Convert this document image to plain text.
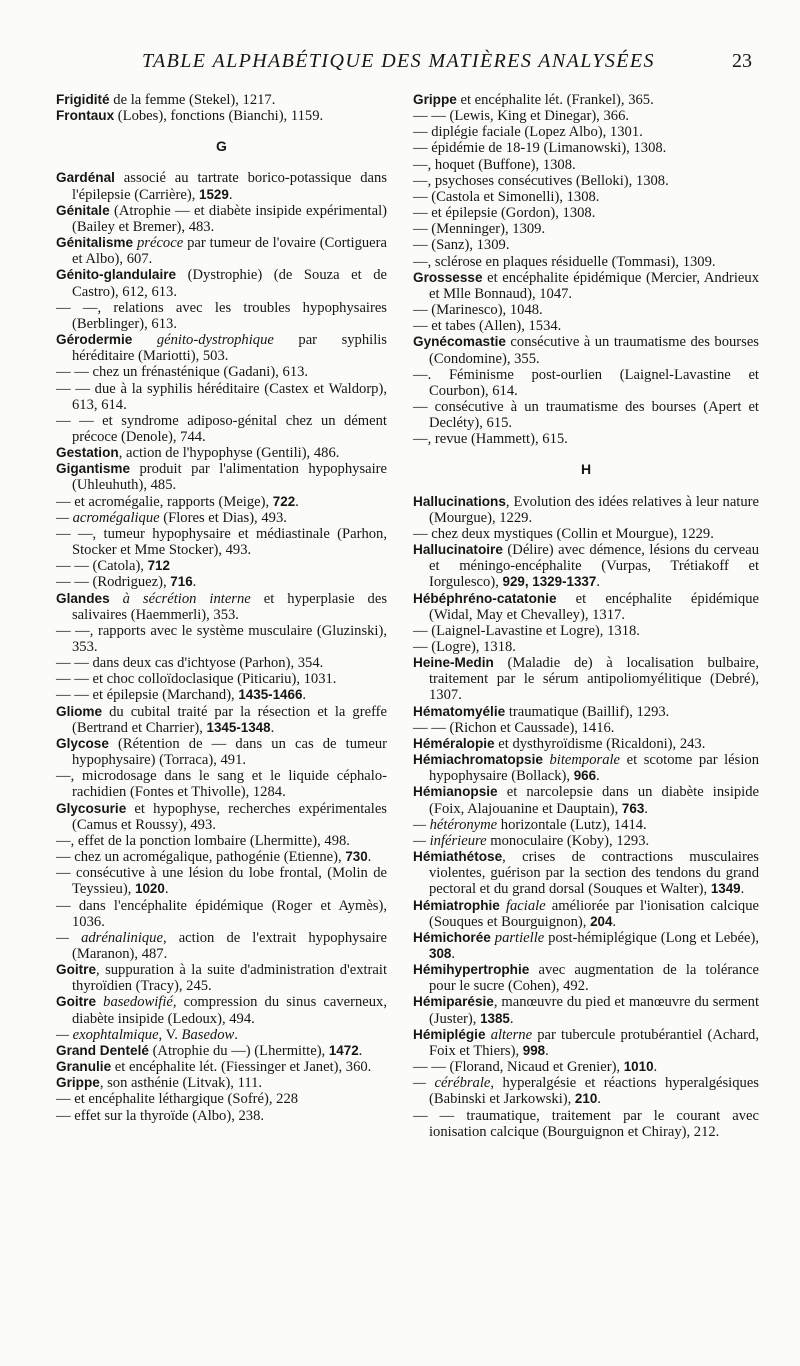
TABLE ALPHABÉTIQUE DES MATIÈRES ANALYSÉES	23
Frigidité de la femme (Stekel), 1217.
Frontaux (Lobes), fonctions (Bianchi), 1159.
G
Gardénal associé au tartrate borico-potassique dans l'épilepsie (Carrière), 1529.
Génitale (Atrophie — et diabète insipide expérimental) (Bailey et Bremer), 483.
Génitalisme précoce par tumeur de l'ovaire (Cortiguera et Albo), 607.
Génito-glandulaire (Dystrophie) (de Souza et de Castro), 612, 613.
— —, relations avec les troubles hypophysaires (Berblinger), 613.
Gérodermie génito-dystrophique par syphilis héréditaire (Mariotti), 503.
— — chez un frénasténique (Gadani), 613.
— — due à la syphilis héréditaire (Castex et Waldorp), 613, 614.
— — et syndrome adiposo-génital chez un dément précoce (Denole), 744.
Gestation, action de l'hypophyse (Gentili), 486.
Gigantisme produit par l'alimentation hypophysaire (Uhleuhuth), 485.
— et acromégalie, rapports (Meige), 722.
— acromégalique (Flores et Dias), 493.
— —, tumeur hypophysaire et médiastinale (Parhon, Stocker et Mme Stocker), 493.
— — (Catola), 712
— — (Rodriguez), 716.
Glandes à sécrétion interne et hyperplasie des salivaires (Haemmerli), 353.
— —, rapports avec le système musculaire (Gluzinski), 353.
— — dans deux cas d'ichtyose (Parhon), 354.
— — et choc colloïdoclasique (Piticariu), 1031.
— — et épilepsie (Marchand), 1435-1466.
Gliome du cubital traité par la résection et la greffe (Bertrand et Charrier), 1345-1348.
Glycose (Rétention de — dans un cas de tumeur hypophysaire) (Torraca), 491.
—, microdosage dans le sang et le liquide céphalo-rachidien (Fontes et Thivolle), 1284.
Glycosurie et hypophyse, recherches expérimentales (Camus et Roussy), 493.
—, effet de la ponction lombaire (Lhermitte), 498.
— chez un acromégalique, pathogénie (Etienne), 730.
— consécutive à une lésion du lobe frontal, (Molin de Teyssieu), 1020.
— dans l'encéphalite épidémique (Roger et Aymès), 1036.
— adrénalinique, action de l'extrait hypophysaire (Maranon), 487.
Goitre, suppuration à la suite d'administration d'extrait thyroïdien (Tracy), 245.
Goitre basedowifié, compression du sinus caverneux, diabète insipide (Ledoux), 494.
— exophtalmique, V. Basedow.
Grand Dentelé (Atrophie du —) (Lhermitte), 1472.
Granulie et encéphalite lét. (Fiessinger et Janet), 360.
Grippe, son asthénie (Litvak), 111.
— et encéphalite léthargique (Sofré), 228
— effet sur la thyroïde (Albo), 238.
Grippe et encéphalite lét. (Frankel), 365.
— — (Lewis, King et Dinegar), 366.
— diplégie faciale (Lopez Albo), 1301.
— épidémie de 18-19 (Limanowski), 1308.
—, hoquet (Buffone), 1308.
—, psychoses consécutives (Belloki), 1308.
— (Castola et Simonelli), 1308.
— et épilepsie (Gordon), 1308.
— (Menninger), 1309.
— (Sanz), 1309.
—, sclérose en plaques résiduelle (Tommasi), 1309.
Grossesse et encéphalite épidémique (Mercier, Andrieux et Mlle Bonnaud), 1047.
— (Marinesco), 1048.
— et tabes (Allen), 1534.
Gynécomastie consécutive à un traumatisme des bourses (Condomine), 355.
—. Féminisme post-ourlien (Laignel-Lavastine et Courbon), 614.
— consécutive à un traumatisme des bourses (Apert et Decléty), 615.
—, revue (Hammett), 615.
H
Hallucinations, Evolution des idées relatives à leur nature (Mourgue), 1229.
— chez deux mystiques (Collin et Mourgue), 1229.
Hallucinatoire (Délire) avec démence, lésions du cerveau et méningo-encéphalite (Vurpas, Trétiakoff et Iorgulesco), 929, 1329-1337.
Hébéphréno-catatonie et encéphalite épidémique (Widal, May et Chevalley), 1317.
— (Laignel-Lavastine et Logre), 1318.
— (Logre), 1318.
Heine-Medin (Maladie de) à localisation bulbaire, traitement par le sérum antipoliomyélitique (Debré), 1307.
Hématomyélie traumatique (Baillif), 1293.
— — (Richon et Caussade), 1416.
Héméralopie et dysthyroïdisme (Ricaldoni), 243.
Hémiachromatopsie bitemporale et scotome par lésion hypophysaire (Bollack), 966.
Hémianopsie et narcolepsie dans un diabète insipide (Foix, Alajouanine et Dauptain), 763.
— hétéronyme horizontale (Lutz), 1414.
— inférieure monoculaire (Koby), 1293.
Hémiathétose, crises de contractions musculaires violentes, guérison par la section des tendons du grand pectoral et du grand dorsal (Souques et Walter), 1349.
Hémiatrophie faciale améliorée par l'ionisation calcique (Souques et Bourguignon), 204.
Hémichorée partielle post-hémiplégique (Long et Lebée), 308.
Hémihypertrophie avec augmentation de la tolérance pour le sucre (Cohen), 492.
Hémiparésie, manœuvre du pied et manœuvre du serment (Juster), 1385.
Hémiplégie alterne par tubercule protubérantiel (Achard, Foix et Thiers), 998.
— — (Florand, Nicaud et Grenier), 1010.
— cérébrale, hyperalgésie et réactions hyperalgésiques (Babinski et Jarkowski), 210.
— — traumatique, traitement par le courant avec ionisation calcique (Bourguignon et Chiray), 212.
